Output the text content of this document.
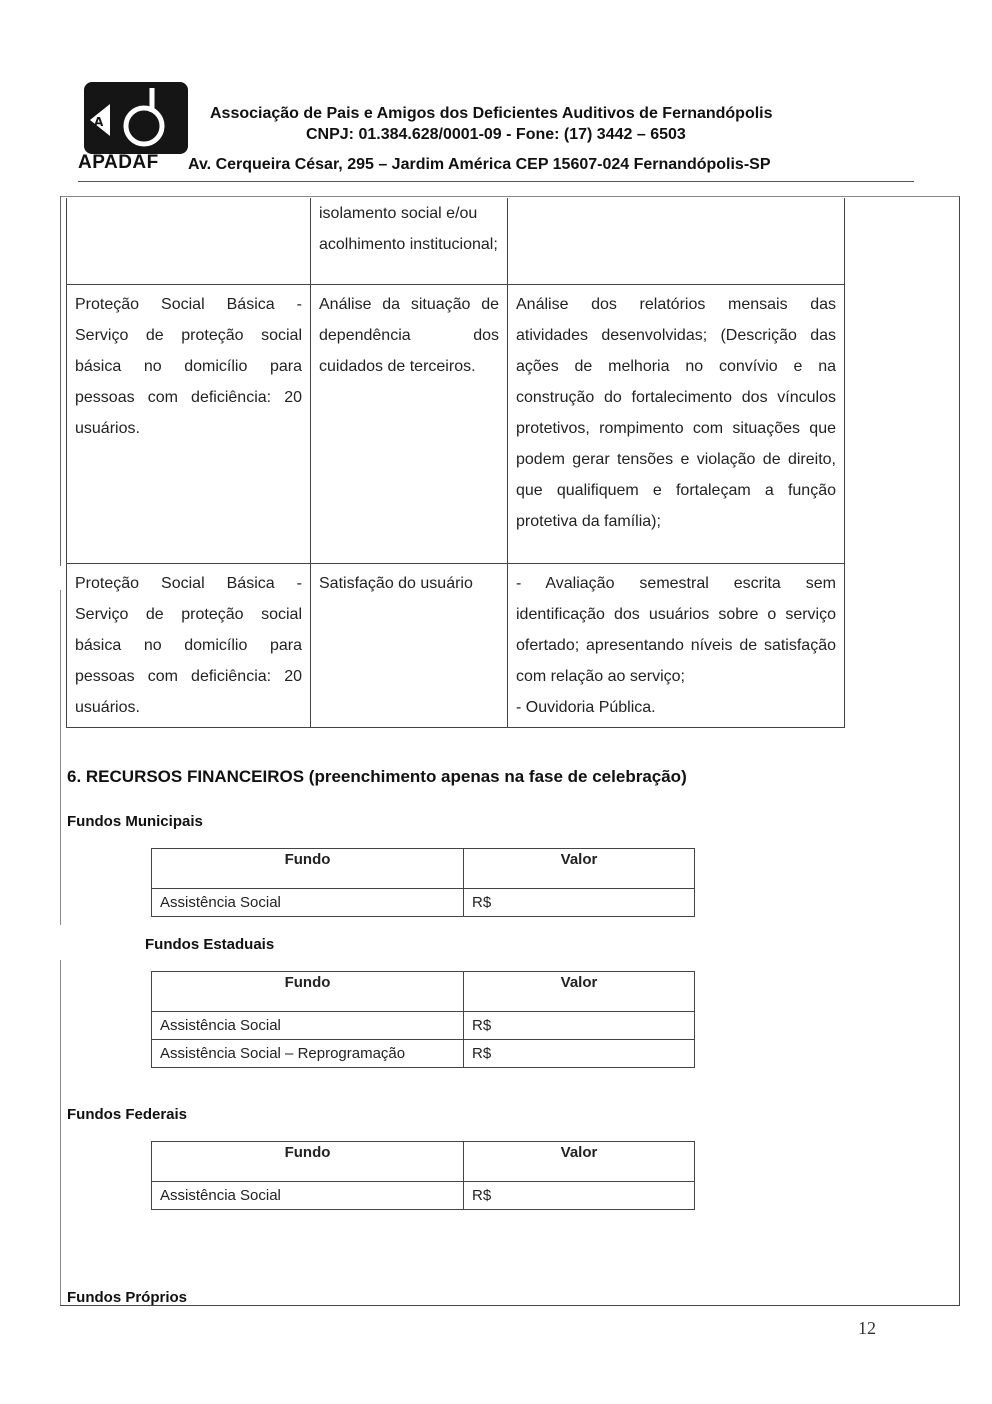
A
APADAF
Associação de Pais e Amigos dos Deficientes Auditivos de Fernandópolis
CNPJ: 01.384.628/0001-09 - Fone: (17) 3442 – 6503
Av. Cerqueira César, 295 – Jardim América CEP 15607-024 Fernandópolis-SP
	isolamento social e/ou acolhimento institucional;	
Proteção Social Básica - Serviço de proteção social básica no domicílio para pessoas com deficiência: 20 usuários.	Análise da situação de dependência dos cuidados de terceiros.	Análise dos relatórios mensais das atividades desenvolvidas; (Descrição das ações de melhoria no convívio e na construção do fortalecimento dos vínculos protetivos, rompimento com situações que podem gerar tensões e violação de direito, que qualifiquem e fortaleçam a função protetiva da família);
Proteção Social Básica - Serviço de proteção social básica no domicílio para pessoas com deficiência: 20 usuários.	Satisfação do usuário	- Avaliação semestral escrita sem identificação dos usuários sobre o serviço ofertado; apresentando níveis de satisfação com relação ao serviço;
- Ouvidoria Pública.
6. RECURSOS FINANCEIROS (preenchimento apenas na fase de celebração)
Fundos Municipais
Fundo	Valor
Assistência Social	R$
Fundos Estaduais
Fundo	Valor
Assistência Social	R$
Assistência Social – Reprogramação	R$
Fundos Federais
Fundo	Valor
Assistência Social	R$
Fundos Próprios
12
